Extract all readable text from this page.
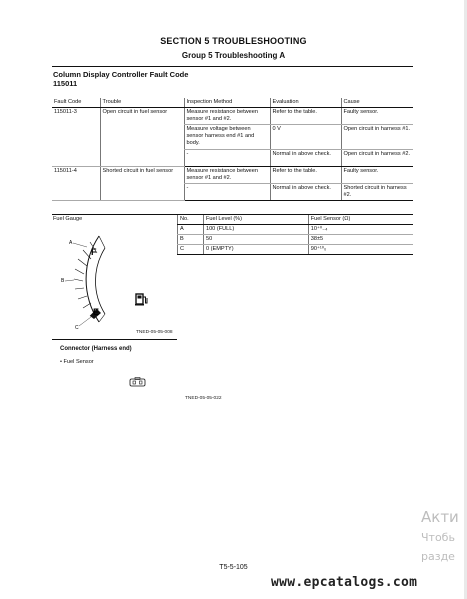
SECTION 5 TROUBLESHOOTING
Group 5 Troubleshooting A
Column Display Controller Fault Code
115011
Fault Code	Trouble	Inspection Method	Evaluation	Cause
115011-3	Open circuit in fuel sensor	Measure resistance between sensor #1 and #2.	Refer to the table.	Faulty sensor.
		Measure voltage between sensor harness end #1 and body.	0 V	Open circuit in harness #1.
		-	Normal in above check.	Open circuit in harness #2.
115011-4	Shorted circuit in fuel sensor	Measure resistance between sensor #1 and #2.	Refer to the table.	Faulty sensor.
		-	Normal in above check.	Shorted circuit in harness #2.
Fuel Gauge
F
E
A
B
C
TNED-05-05-008
No.	Fuel Level (%)	Fuel Sensor (Ω)
A	100 (FULL)	10⁺⁰₋₄
B	50	38±5
C	0 (EMPTY)	90⁺¹⁰₀
Connector (Harness end)
• Fuel Sensor
TNED-05-05-022
T5-5-105
www.epcatalogs.com
Акти
Чтобь
разде
